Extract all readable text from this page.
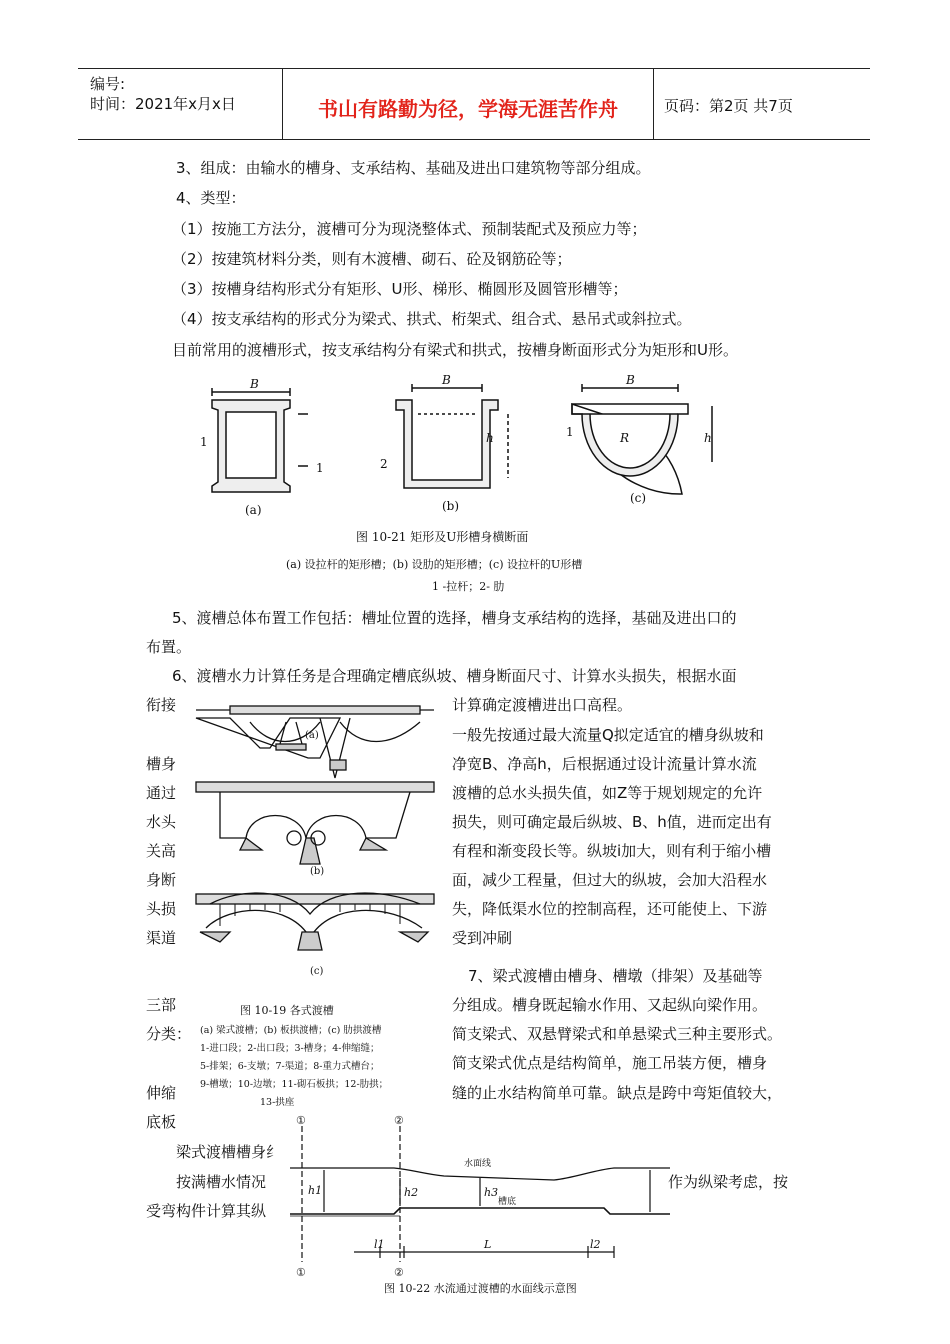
编号:
时间：2021年x月x日	书山有路勤为径，学海无涯苦作舟	页码：第2页 共7页
3、组成：由输水的槽身、支承结构、基础及进出口建筑物等部分组成。
4、类型：
（1）按施工方法分，渡槽可分为现浇整体式、预制装配式及预应力等；
（2）按建筑材料分类，则有木渡槽、砌石、砼及钢筋砼等；
（3）按槽身结构形式分有矩形、U形、梯形、椭圆形及圆管形槽等；
（4）按支承结构的形式分为梁式、拱式、桁架式、组合式、悬吊式或斜拉式。
目前常用的渡槽形式，按支承结构分有梁式和拱式，按槽身断面形式分为矩形和U形。
B
1
1
(a)
B
h
2
(b)
B
h
1	R
(c)
图 10-21 矩形及U形槽身横断面
(a) 设拉杆的矩形槽；(b) 设肋的矩形槽；(c) 设拉杆的U形槽
1 -拉杆；2- 肋
5、渡槽总体布置工作包括：槽址位置的选择，槽身支承结构的选择，基础及进出口的
布置。
6、渡槽水力计算任务是合理确定槽底纵坡、槽身断面尺寸、计算水头损失，根据水面
衔接
槽身
通过
水头
关高
身断
头损
渠道
计算确定渡槽进出口高程。
一般先按通过最大流量Q拟定适宜的槽身纵坡和
净宽B、净高h，后根据通过设计流量计算水流
渡槽的总水头损失值，如Z等于规划规定的允许
损失，则可确定最后纵坡、B、h值，进而定出有
有程和渐变段长等。纵坡i加大，则有利于缩小槽
面，减少工程量，但过大的纵坡，会加大沿程水
失，降低渠水位的控制高程，还可能使上、下游
受到冲刷
(a)
(b)
(c)
图 10-19 各式渡槽
(a) 梁式渡槽；(b) 板拱渡槽；(c) 肋拱渡槽
1-进口段；2-出口段；3-槽身；4-伸缩缝；
5-排架；6-支墩；7-渠道；8-重力式槽台；
9-槽墩；10-边墩；11-砌石板拱；12-肋拱；
13-拱座
7、梁式渡槽由槽身、槽墩（排架）及基础等
分组成。槽身既起输水作用、又起纵向梁作用。
简支梁式、双悬臂梁式和单悬梁式三种主要形式。
简支梁式优点是结构简单，施工吊装方便，槽身
缝的止水结构简单可靠。缺点是跨中弯矩值较大，
三部
分类：
伸缩
底板
梁式渡槽槽身纟
按满槽水情况	作为纵梁考虑，按
受弯构件计算其纵
①	②
①	②
水面线
槽底
L
l1	l2
h1	h2	h3
图 10-22 水流通过渡槽的水面线示意图
